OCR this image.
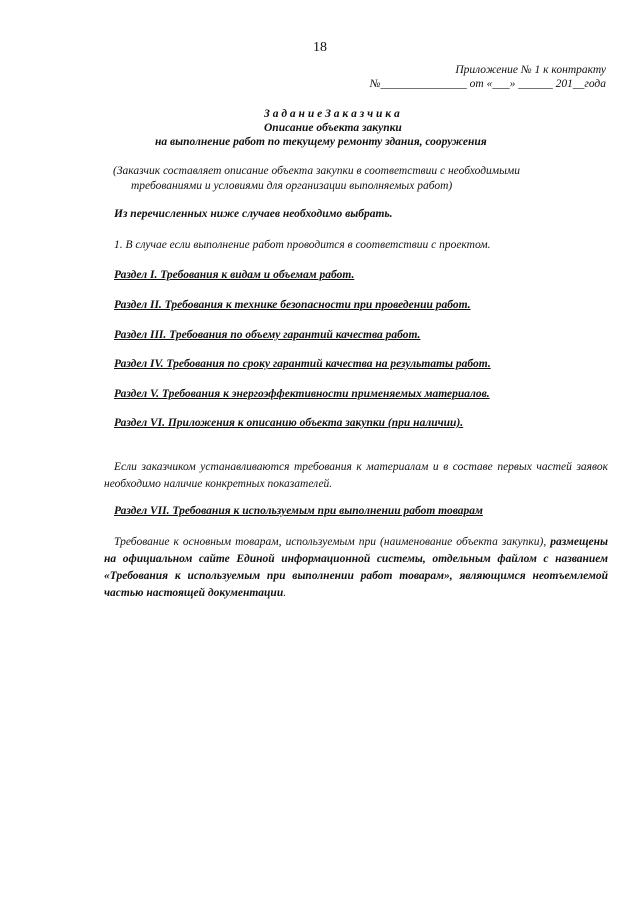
18
Приложение № 1 к контракту
№_______________ от «___» ______ 201__года
З а д а н и е З а к а з ч и к а
Описание объекта закупки
на выполнение работ по текущему ремонту здания, сооружения
(Заказчик составляет описание объекта закупки в соответствии с необходимыми
требованиями и условиями для организации выполняемых работ)
Из перечисленных ниже случаев необходимо выбрать.
1. В случае если выполнение работ проводится в соответствии с проектом.
Раздел I. Требования к видам и объемам работ.
Раздел II. Требования к технике безопасности при проведении работ.
Раздел III. Требования по объему гарантий качества работ.
Раздел IV. Требования по сроку гарантий качества на результаты работ.
Раздел V. Требования к энергоэффективности применяемых материалов.
Раздел VI. Приложения к описанию объекта закупки (при наличии).
Если заказчиком устанавливаются требования к материалам и в составе первых частей заявок необходимо наличие конкретных показателей.
Раздел VII. Требования к используемым при выполнении работ товарам
Требование к основным товарам, используемым при (наименование объекта закупки), размещены на официальном сайте Единой информационной системы, отдельным файлом с названием «Требования к используемым при выполнении работ товарам», являющимся неотъемлемой частью настоящей документации.
